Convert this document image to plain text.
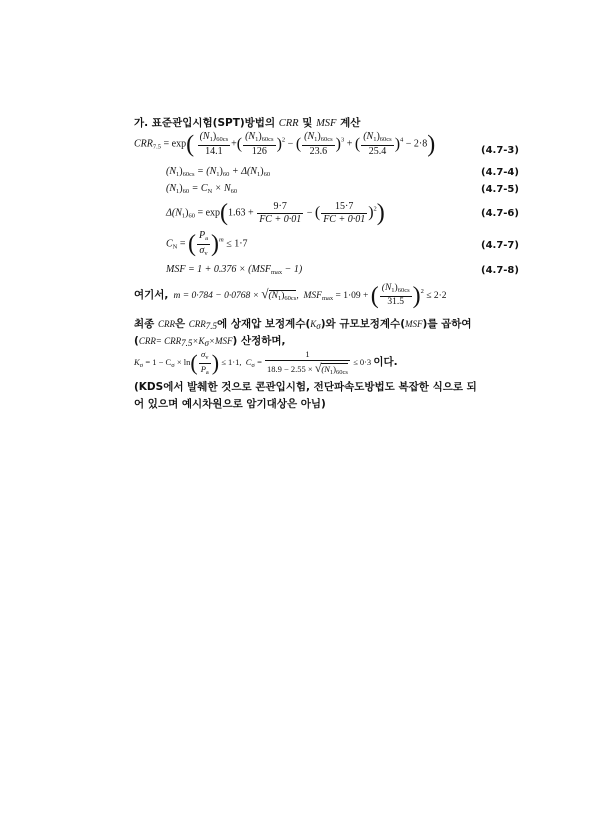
가. 표준관입시험(SPT)방법의 CRR 및 MSF 계산
$CRR_{7.5} = \exp( \frac{(N_1)_{60cs}}{14.1}$ +( $\frac{(N_1)_{60cs}}{126} )^2$ − ( $\frac{(N_1)_{60cs}}{23.6} )^3$ + ( $\frac{(N_1)_{60cs}}{25.4} )^4 - 2\cdot 8$)	(4.7-3)
$(N_1)_{60cs} = (N_1)_{60} + \Delta(N_1)_{60}$	(4.7-4)
$(N_1)_{60} = C_N \times N_{60}$	(4.7-5)
$\Delta(N_1)_{60} = \exp(1.63 + \frac{9\cdot 7}{FC + 0\cdot 01}$ − ( $\frac{15\cdot 7}{FC + 0\cdot 01} )^2$)	(4.7-6)
$C_N$ = ( $\frac{P_a}{\sigma_v} )^m \le 1\cdot 7$	(4.7-7)
MSF = $1 + 0.376 \times (MSF_{max} - 1)$	(4.7-8)
여기서, $m = 0\cdot 784 - 0\cdot 0768 \times √(N_1)_{60cs}$, $MSF_{max} = 1\cdot 09$ + ( $\frac{(N_1)_{60cs}}{31.5} )^2 \le 2\cdot 2$
최종 CRR은 CRR7.5에 상재압 보정계수(Kσ)와 규모보정계수(MSF)를 곱하여
(CRR= CRR7.5×Kσ×MSF) 산정하며,
$K_\sigma = 1 - C_\sigma \times \ln( \frac{\sigma_v}{P_a}$ ) ≤ 1·1, $C_\sigma = \frac{1}{18.9 - 2.55 \times √(N_1)_{60cs}} \le 0\cdot 3$ 이다.
(KDS에서 발췌한 것으로 콘관입시험, 전단파속도방법도 복잡한 식으로 되
어 있으며 예시차원으로 암기대상은 아님)
